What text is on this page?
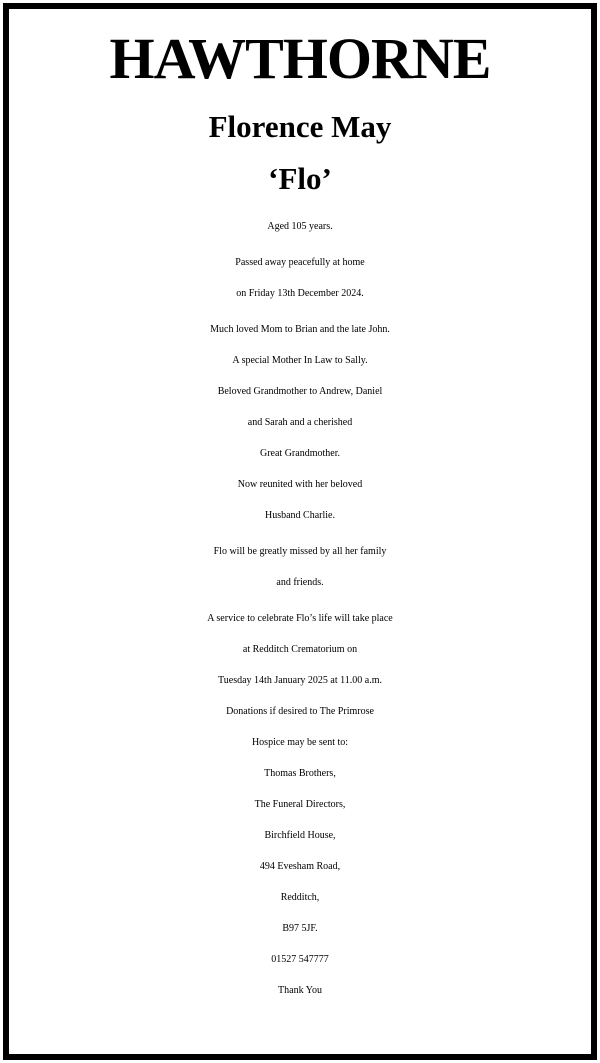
HAWTHORNE
Florence May
‘Flo’

Aged 105 years.

Passed away peacefully at home
on Friday 13th December 2024.

Much loved Mom to Brian and the late John.
A special Mother In Law to Sally.
Beloved Grandmother to Andrew, Daniel
and Sarah and a cherished
Great Grandmother.
Now reunited with her beloved
Husband Charlie.

Flo will be greatly missed by all her family
and friends.

A service to celebrate Flo’s life will take place
at Redditch Crematorium on
Tuesday 14th January 2025 at 11.00 a.m.
Donations if desired to The Primrose
Hospice may be sent to:
Thomas Brothers,
The Funeral Directors,
Birchfield House,
494 Evesham Road,
Redditch,
B97 5JF.
01527 547777
Thank You
